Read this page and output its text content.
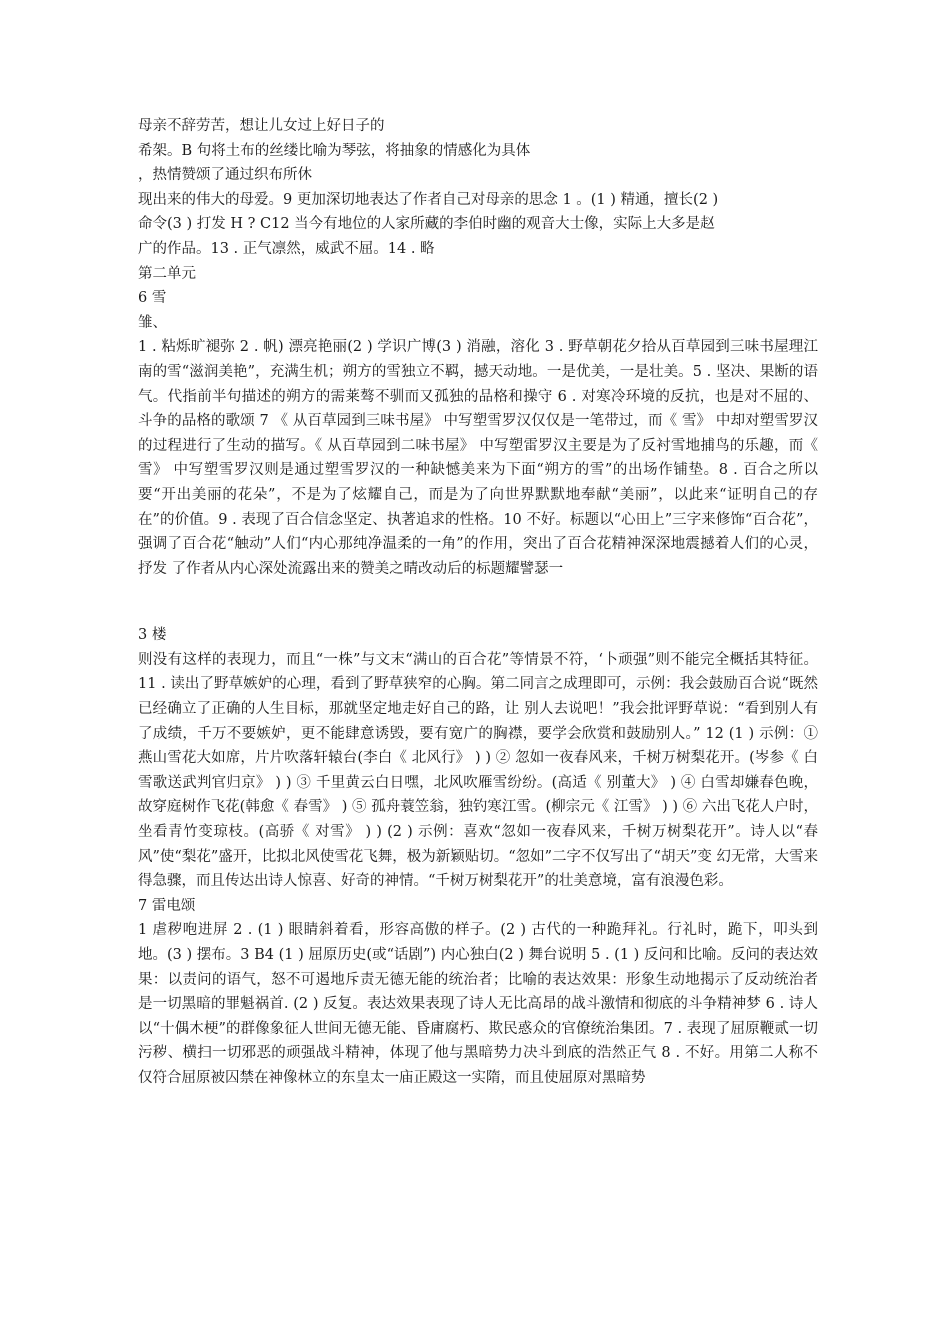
母亲不辞劳苦，想让儿女过上好日子的
希架。B 句将土布的丝缕比喻为琴弦，将抽象的情感化为具体
，热情赞颂了通过织布所休
现出来的伟大的母爱。9 更加深切地表达了作者自己对母亲的思念 1 。(1 ) 精通，擅长(2 )
命令(3 ) 打发 H ? C12 当今有地位的人家所藏的李伯时幽的观音大士像，实际上大多是赵
广的作品。13 . 正气凛然，威武不屈。14 . 略
第二单元
6 雪
雏、
1 . 粘烁旷褪弥 2 . 帆) 漂亮艳丽(2 ) 学识广博(3 ) 消融，溶化 3 . 野草朝花夕拾从百草园到三味书屋理江南的雪“滋润美艳”，充满生机；朔方的雪独立不羁，撼天动地。一是优美，一是壮美。5 . 坚决、果断的语气。代指前半句描述的朔方的需莱骜不驯而又孤独的品格和操守 6 . 对寒冷环境的反抗，也是对不屈的、斗争的品格的歌颂 7 《 从百草园到三味书屋》 中写塑雪罗汉仅仅是一笔带过，而《 雪》 中却对塑雪罗汉的过程进行了生动的描写。《 从百草园到二味书屋》 中写塑雷罗汉主要是为了反衬雪地捕鸟的乐趣，而《 雪》 中写塑雪罗汉则是通过塑雪罗汉的一种缺憾美来为下面“朔方的雪”的出场作铺垫。8 . 百合之所以要“开出美丽的花朵”，不是为了炫耀自己，而是为了向世界默默地奉献“美丽”，以此来“证明自己的存在”的价值。9 . 表现了百合信念坚定、执著追求的性格。10 不好。标题以“心田上”三字来修饰“百合花”，强调了百合花“触动”人们“内心那纯净温柔的一角”的作用，突出了百合花精神深深地震撼着人们的心灵，抒发 了作者从内心深处流露出来的赞美之晴改动后的标题耀譬瑟一
3 楼
则没有这样的表现力，而且“一株”与文末“满山的百合花”等情景不符，‘卜顽强”则不能完全概括其特征。11 . 读出了野草嫉妒的心理，看到了野草狭窄的心胸。第二同言之成理即可，示例：我会鼓励百合说“既然已经确立了正确的人生目标，那就坚定地走好自己的路，让 别人去说吧！”我会批评野草说：“看到别人有了成绩，千万不要嫉妒，更不能肆意诱毁，要有宽广的胸襟，要学会欣赏和鼓励别人。” 12 (1 ) 示例：① 燕山雪花大如席，片片吹落轩辕台(李白《 北风行》 ) ) ② 忽如一夜春风来，千树万树梨花开。(岑参《 白雪歌送武判官归京》 ) ) ③ 千里黄云白日嘿，北风吹雁雪纷纷。(高适《 别董大》 ) ④ 白雪却嫌春色晚，故穿庭树作飞花(韩愈《 春雪》 ) ⑤ 孤舟蓑笠翁，独钓寒江雪。(柳宗元《 江雪》 ) ) ⑥ 六出飞花人户时，坐看青竹变琼枝。(高骄《 对雪》 ) ) (2 ) 示例：喜欢“忽如一夜春风来，千树万树梨花开”。诗人以“春风”使“梨花”盛开，比拟北风使雪花飞舞，极为新颖贴切。“忽如”二字不仅写出了“胡天”变 幻无常，大雪来得急骤，而且传达出诗人惊喜、好奇的神情。“千树万树梨花开”的壮美意境，富有浪漫色彩。
7 雷电颂
1 虐秽咆进屏 2 . (1 ) 眼睛斜着看，形容高傲的样子。(2 ) 古代的一种跪拜礼。行礼时，跪下，叩头到地。(3 ) 摆布。3 B4 (1 ) 屈原历史(或“话剧”) 内心独白(2 ) 舞台说明 5 . (1 ) 反问和比喻。反问的表达效果：以责问的语气，怒不可遏地斥责无德无能的统治者；比喻的表达效果：形象生动地揭示了反动统治者是一切黑暗的罪魁祸首. (2 ) 反复。表达效果表现了诗人无比高昂的战斗激情和彻底的斗争精神梦 6 . 诗人以“十偶木梗”的群像象征人世间无德无能、昏庸腐朽、欺民惑众的官僚统治集团。7 . 表现了屈原鞭贰一切污秽、横扫一切邪恶的顽强战斗精神，体现了他与黑暗势力决斗到底的浩然正气 8 . 不好。用第二人称不仅符合屈原被囚禁在神像林立的东皇太一庙正殿这一实隋，而且使屈原对黑暗势
